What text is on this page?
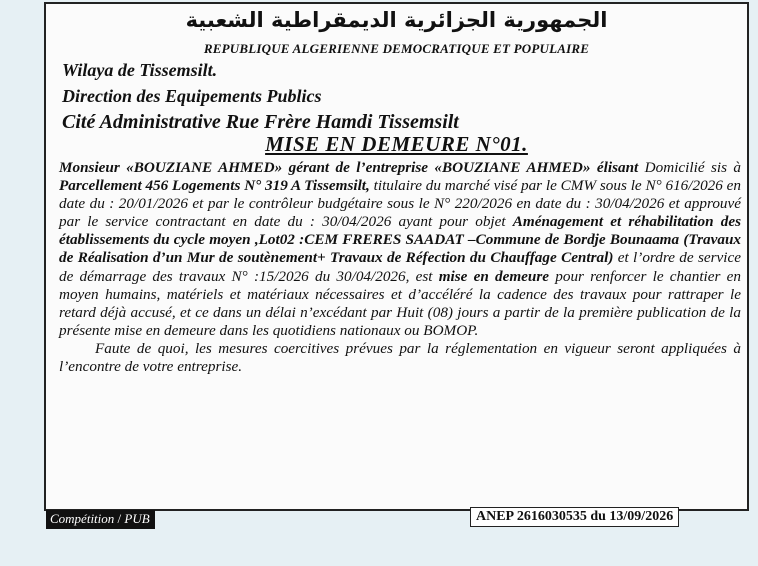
الجمهورية الجزائرية الديمقراطية الشعبية
REPUBLIQUE ALGERIENNE DEMOCRATIQUE ET POPULAIRE
Wilaya de Tissemsilt.
Direction des Equipements Publics
Cité Administrative Rue Frère Hamdi Tissemsilt
MISE EN DEMEURE N°01.

Monsieur «BOUZIANE AHMED» gérant de l’entreprise «BOUZIANE AHMED» élisant Domicilié sis à Parcellement 456 Logements N° 319 A Tissemsilt, titulaire du marché visé par le CMW sous le N° 616/2026 en date du : 20/01/2026 et par le contrôleur budgétaire sous le N° 220/2026 en date du : 30/04/2026 et approuvé par le service contractant en date du : 30/04/2026 ayant pour objet Aménagement et réhabilitation des établissements du cycle moyen ,Lot02 :CEM FRERES SAADAT –Commune de Bordje Bounaama (Travaux de Réalisation d’un Mur de soutènement+ Travaux de Réfection du Chauffage Central) et l’ordre de service de démarrage des travaux N° :15/2026 du 30/04/2026, est mise en demeure pour renforcer le chantier en moyen humains, matériels et matériaux nécessaires et d’accéléré la cadence des travaux pour rattraper le retard déjà accusé, et ce dans un délai n’excédant par Huit (08) jours a partir de la première publication de la présente mise en demeure dans les quotidiens nationaux ou BOMOP.

Faute de quoi, les mesures coercitives prévues par la réglementation en vigueur seront appliquées à l’encontre de votre entreprise.

Compétition / PUB	ANEP 2616030535 du 13/09/2026
